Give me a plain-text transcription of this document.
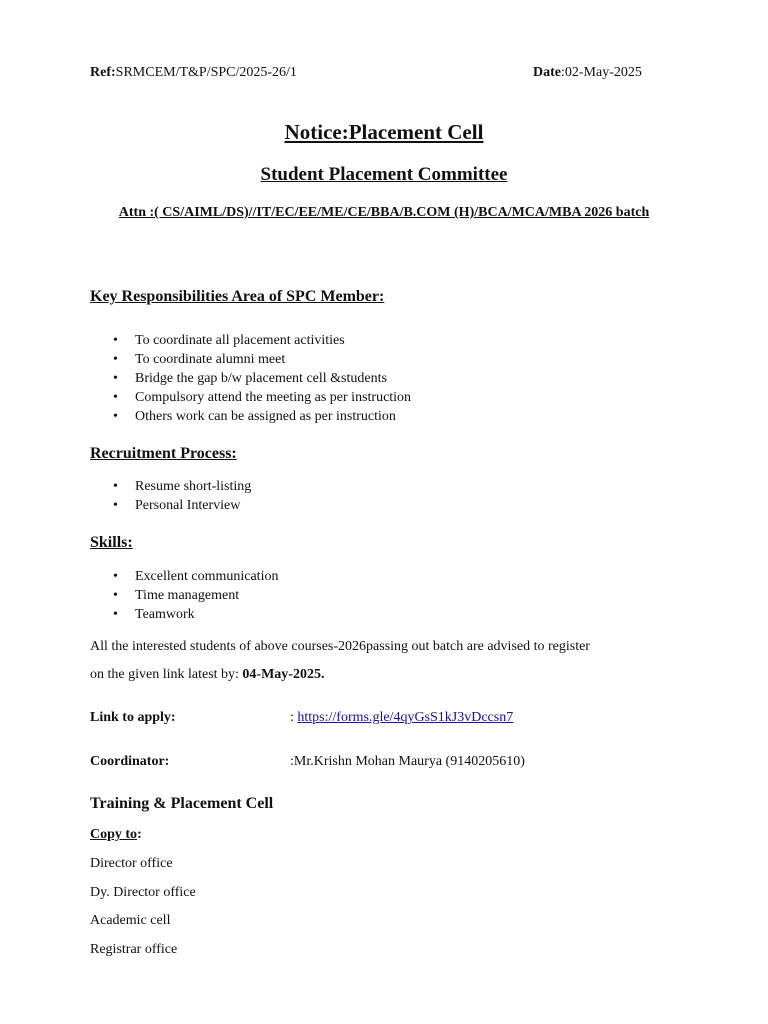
Ref:SRMCEM/T&P/SPC/2025-26/1	Date:02-May-2025
Notice:Placement Cell
Student Placement Committee
Attn :( CS/AIML/DS)//IT/EC/EE/ME/CE/BBA/B.COM (H)/BCA/MCA/MBA 2026 batch
Key Responsibilities Area of SPC Member:
• To coordinate all placement activities
• To coordinate alumni meet
• Bridge the gap b/w placement cell &students
• Compulsory attend the meeting as per instruction
• Others work can be assigned as per instruction
Recruitment Process:
• Resume short-listing
• Personal Interview
Skills:
• Excellent communication
• Time management
• Teamwork
All the interested students of above courses-2026passing out batch are advised to register
on the given link latest by: 04-May-2025.
Link to apply:	: https://forms.gle/4qyGsS1kJ3vDccsn7
Coordinator:	:Mr.Krishn Mohan Maurya (9140205610)
Training & Placement Cell
Copy to:
Director office
Dy. Director office
Academic cell
Registrar office
